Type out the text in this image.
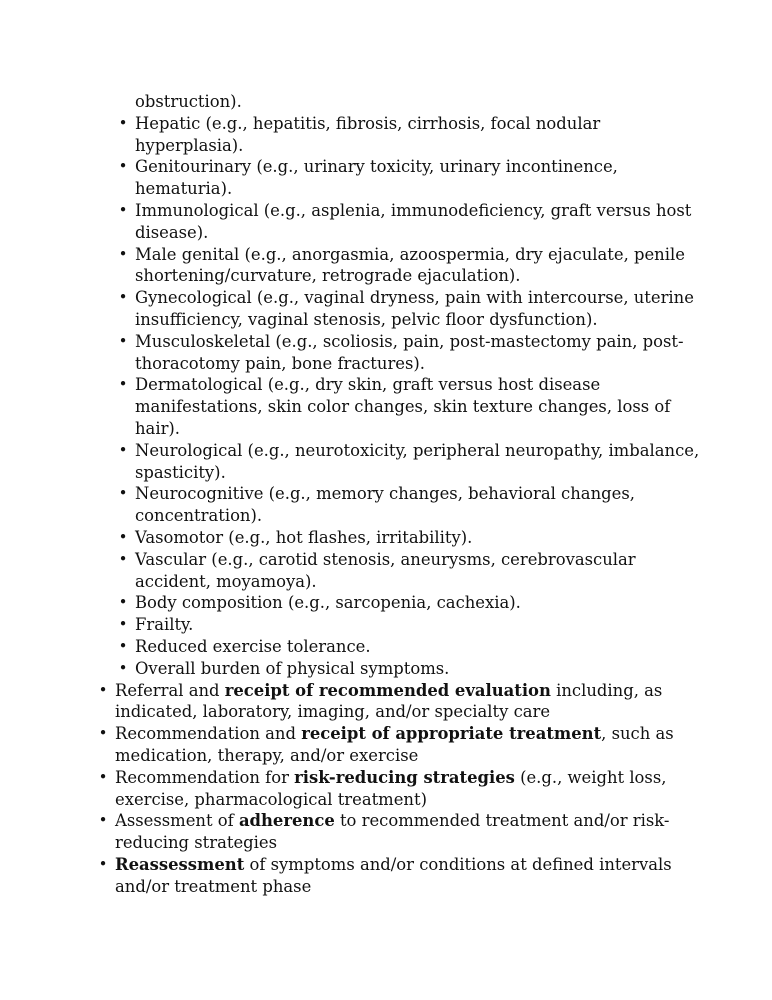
obstruction).
• Hepatic (e.g., hepatitis, fibrosis, cirrhosis, focal nodular
hyperplasia).
• Genitourinary (e.g., urinary toxicity, urinary incontinence,
hematuria).
• Immunological (e.g., asplenia, immunodeficiency, graft versus host
disease).
• Male genital (e.g., anorgasmia, azoospermia, dry ejaculate, penile
shortening/curvature, retrograde ejaculation).
• Gynecological (e.g., vaginal dryness, pain with intercourse, uterine
insufficiency, vaginal stenosis, pelvic floor dysfunction).
• Musculoskeletal (e.g., scoliosis, pain, post-mastectomy pain, post-
thoracotomy pain, bone fractures).
• Dermatological (e.g., dry skin, graft versus host disease
manifestations, skin color changes, skin texture changes, loss of
hair).
• Neurological (e.g., neurotoxicity, peripheral neuropathy, imbalance,
spasticity).
• Neurocognitive (e.g., memory changes, behavioral changes,
concentration).
• Vasomotor (e.g., hot flashes, irritability).
• Vascular (e.g., carotid stenosis, aneurysms, cerebrovascular
accident, moyamoya).
• Body composition (e.g., sarcopenia, cachexia).
• Frailty.
• Reduced exercise tolerance.
• Overall burden of physical symptoms.
• Referral and receipt of recommended evaluation including, as
indicated, laboratory, imaging, and/or specialty care
• Recommendation and receipt of appropriate treatment, such as
medication, therapy, and/or exercise
• Recommendation for risk-reducing strategies (e.g., weight loss,
exercise, pharmacological treatment)
• Assessment of adherence to recommended treatment and/or risk-
reducing strategies
• Reassessment of symptoms and/or conditions at defined intervals
and/or treatment phase
